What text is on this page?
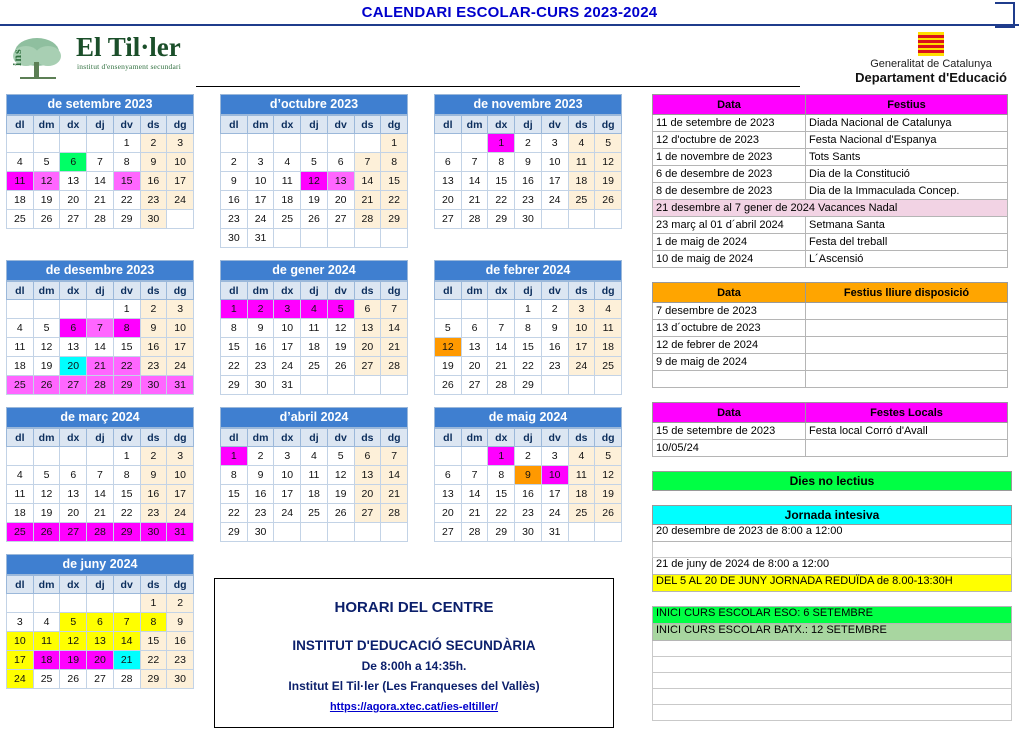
CALENDARI ESCOLAR-CURS 2023-2024
ins El Til·ler
institut d'ensenyament secundari	Generalitat de Catalunya
Departament d'Educació
de setembre 2023
dl	dm	dx	dj	dv	ds	dg
				1	2	3
4	5	6	7	8	9	10
11	12	13	14	15	16	17
18	19	20	21	22	23	24
25	26	27	28	29	30	
d’octubre 2023
dl	dm	dx	dj	dv	ds	dg
						1
2	3	4	5	6	7	8
9	10	11	12	13	14	15
16	17	18	19	20	21	22
23	24	25	26	27	28	29
30	31					
de novembre 2023
dl	dm	dx	dj	dv	ds	dg
		1	2	3	4	5
6	7	8	9	10	11	12
13	14	15	16	17	18	19
20	21	22	23	24	25	26
27	28	29	30			
de desembre 2023
dl	dm	dx	dj	dv	ds	dg
				1	2	3
4	5	6	7	8	9	10
11	12	13	14	15	16	17
18	19	20	21	22	23	24
25	26	27	28	29	30	31
de gener 2024
dl	dm	dx	dj	dv	ds	dg
1	2	3	4	5	6	7
8	9	10	11	12	13	14
15	16	17	18	19	20	21
22	23	24	25	26	27	28
29	30	31				
de febrer 2024
dl	dm	dx	dj	dv	ds	dg
			1	2	3	4
5	6	7	8	9	10	11
12	13	14	15	16	17	18
19	20	21	22	23	24	25
26	27	28	29			
de març 2024
dl	dm	dx	dj	dv	ds	dg
				1	2	3
4	5	6	7	8	9	10
11	12	13	14	15	16	17
18	19	20	21	22	23	24
25	26	27	28	29	30	31
d’abril 2024
dl	dm	dx	dj	dv	ds	dg
1	2	3	4	5	6	7
8	9	10	11	12	13	14
15	16	17	18	19	20	21
22	23	24	25	26	27	28
29	30					
de maig 2024
dl	dm	dx	dj	dv	ds	dg
		1	2	3	4	5
6	7	8	9	10	11	12
13	14	15	16	17	18	19
20	21	22	23	24	25	26
27	28	29	30	31		
de juny 2024
dl	dm	dx	dj	dv	ds	dg
					1	2
3	4	5	6	7	8	9
10	11	12	13	14	15	16
17	18	19	20	21	22	23
24	25	26	27	28	29	30
Data	Festius
11 de setembre de 2023	Diada Nacional de Catalunya
12 d'octubre de 2023	Festa Nacional d'Espanya
1 de novembre de 2023	Tots Sants
6 de desembre de 2023	Dia de la Constitució
8 de desembre de 2023	Dia de la Immaculada Concep.
21 desembre al 7 gener de 2024 Vacances Nadal	
23 març al 01 d´abril 2024	Setmana Santa
1 de maig de 2024	Festa del treball
10 de maig de 2024	L´Ascensió
Data	Festius lliure disposició
7 desembre de 2023	
13 d´octubre de 2023	
12 de febrer de 2024	
9 de maig de 2024	

Data	Festes Locals
15 de setembre de 2023	Festa local Corró d'Avall
10/05/24	
Dies no lectius
Jornada intesiva
20 desembre de 2023 de 8:00 a 12:00
21 de juny de 2024 de 8:00 a 12:00
DEL 5 AL 20 DE JUNY JORNADA REDUÏDA de 8.00-13:30H
INICI CURS ESCOLAR ESO: 6 SETEMBRE
INICI CURS ESCOLAR BATX.: 12 SETEMBRE
HORARI DEL CENTRE
INSTITUT D'EDUCACIÓ SECUNDÀRIA
De 8:00h a 14:35h.
Institut El Til·ler (Les Franqueses del Vallès)
https://agora.xtec.cat/ies-eltiller/
